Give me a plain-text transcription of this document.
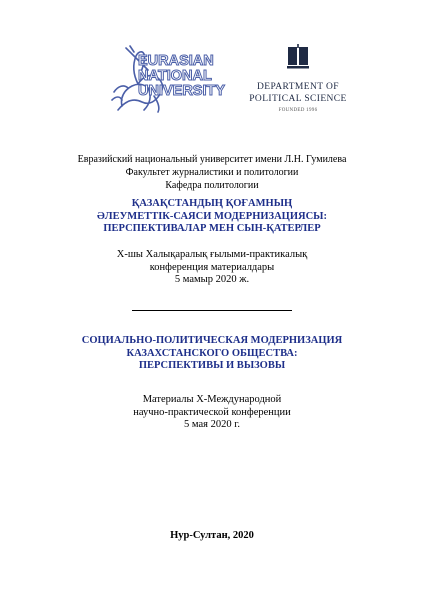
EURASIAN
NATIONAL
UNIVERSITY	DEPARTMENT OF
POLITICAL SCIENCE
FOUNDED 1996
Евразийский национальный университет имени Л.Н. Гумилева
Факультет журналистики и политологии
Кафедра политологии
ҚАЗАҚСТАНДЫҢ ҚОҒАМНЫҢ
ӘЛЕУМЕТТІК-САЯСИ МОДЕРНИЗАЦИЯСЫ:
ПЕРСПЕКТИВАЛАР МЕН СЫН-ҚАТЕРЛЕР
X-шы Халықаралық ғылыми-практикалық
конференция материалдары
5 мамыр 2020 ж.
СОЦИАЛЬНО-ПОЛИТИЧЕСКАЯ МОДЕРНИЗАЦИЯ
КАЗАХСТАНСКОГО ОБЩЕСТВА:
ПЕРСПЕКТИВЫ И ВЫЗОВЫ
Материалы X-Международной
научно-практической конференции
5 мая 2020 г.
Нур-Султан, 2020
